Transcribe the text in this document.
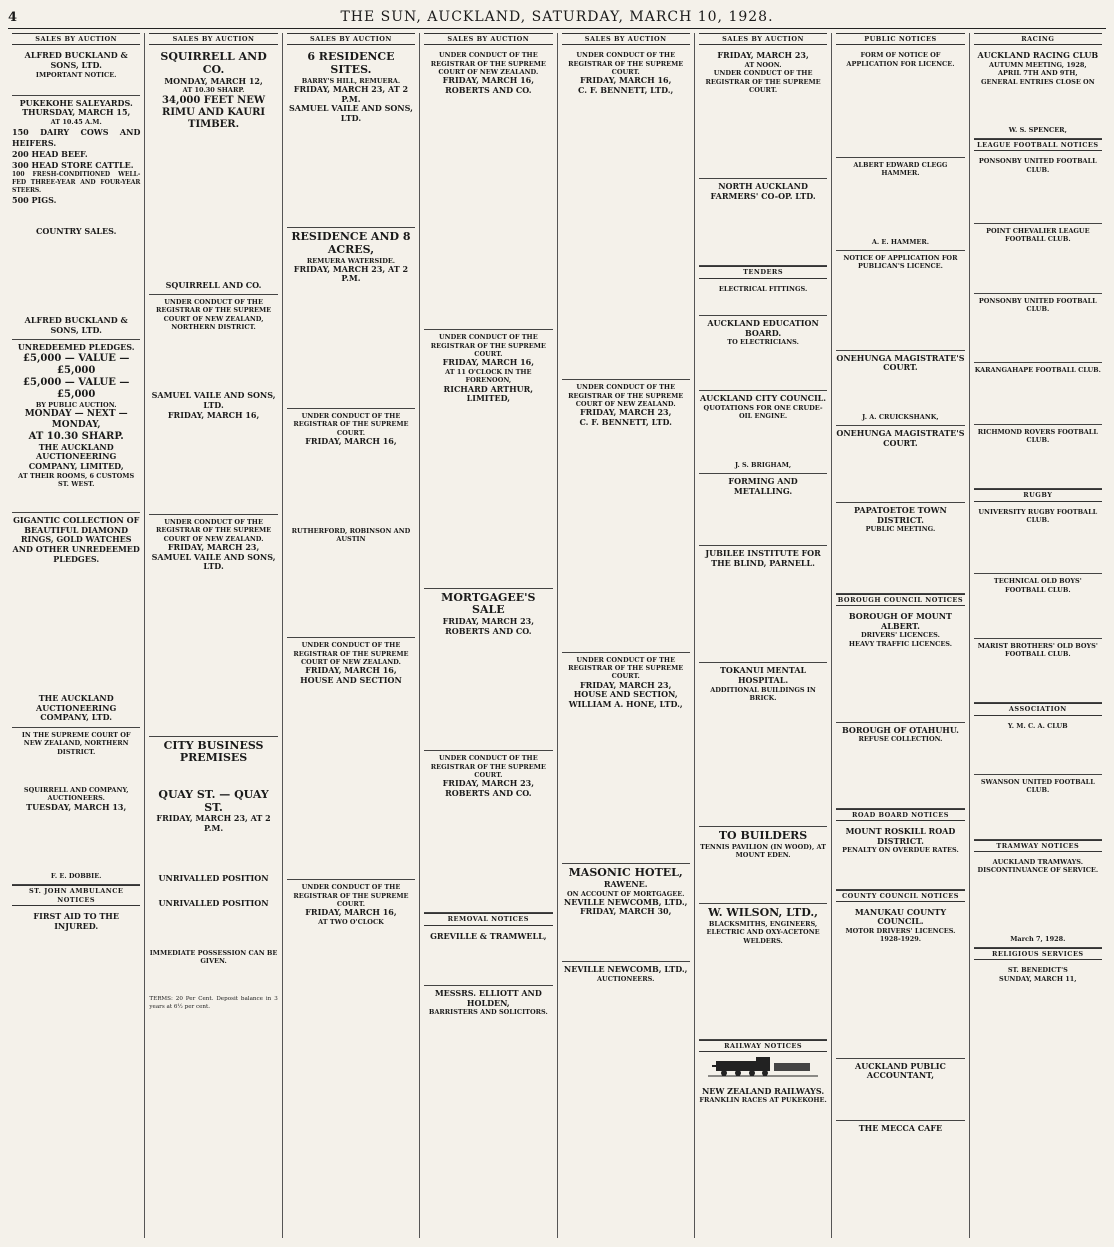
4	THE SUN, AUCKLAND, SATURDAY, MARCH 10, 1928.
SALES BY AUCTION
ALFRED BUCKLAND & SONS, LTD.
IMPORTANT NOTICE.
PUKEKOHE SALEYARDS.
THURSDAY, MARCH 15,
AT 10.45 A.M.

150 DAIRY COWS AND HEIFERS.

200 HEAD BEEF.

300 HEAD STORE CATTLE.

100 FRESH-CONDITIONED WELL-FED THREE-YEAR AND FOUR-YEAR STEERS.

500 PIGS.

COUNTRY SALES.
ALFRED BUCKLAND & SONS, LTD.
UNREDEEMED PLEDGES.
£5,000 — VALUE — £5,000
£5,000 — VALUE — £5,000
BY PUBLIC AUCTION.
MONDAY — NEXT — MONDAY,
AT 10.30 SHARP.
THE AUCKLAND AUCTIONEERING COMPANY, LIMITED,
AT THEIR ROOMS, 6 CUSTOMS ST. WEST.
GIGANTIC COLLECTION OF BEAUTIFUL DIAMOND RINGS, GOLD WATCHES AND OTHER UNREDEEMED PLEDGES.
THE AUCKLAND AUCTIONEERING COMPANY, LTD.
IN THE SUPREME COURT OF NEW ZEALAND, NORTHERN DISTRICT.
SQUIRRELL AND COMPANY, AUCTIONEERS.
TUESDAY, MARCH 13,
F. E. DOBBIE.
ST. JOHN AMBULANCE NOTICES
FIRST AID TO THE INJURED.
SALES BY AUCTION
SQUIRRELL AND CO.
MONDAY, MARCH 12,
AT 10.30 SHARP.
34,000 FEET NEW RIMU AND KAURI TIMBER.
SQUIRRELL AND CO.
UNDER CONDUCT OF THE REGISTRAR OF THE SUPREME COURT OF NEW ZEALAND, NORTHERN DISTRICT.
SAMUEL VAILE AND SONS, LTD.
FRIDAY, MARCH 16,
UNDER CONDUCT OF THE REGISTRAR OF THE SUPREME COURT OF NEW ZEALAND.
FRIDAY, MARCH 23,
SAMUEL VAILE AND SONS, LTD.
CITY BUSINESS PREMISES
QUAY ST. — QUAY ST.
FRIDAY, MARCH 23, AT 2 P.M.
UNRIVALLED POSITION
UNRIVALLED POSITION
IMMEDIATE POSSESSION CAN BE GIVEN.

TERMS: 20 Per Cent. Deposit balance in 3 years at 6½ per cent.

SALES BY AUCTION
6 RESIDENCE SITES.
BARRY'S HILL, REMUERA.
FRIDAY, MARCH 23, AT 2 P.M.
SAMUEL VAILE AND SONS, LTD.
RESIDENCE AND 8 ACRES,
REMUERA WATERSIDE.
FRIDAY, MARCH 23, AT 2 P.M.
UNDER CONDUCT OF THE REGISTRAR OF THE SUPREME COURT.
FRIDAY, MARCH 16,
RUTHERFORD, ROBINSON AND AUSTIN
UNDER CONDUCT OF THE REGISTRAR OF THE SUPREME COURT OF NEW ZEALAND.
FRIDAY, MARCH 16,
HOUSE AND SECTION
UNDER CONDUCT OF THE REGISTRAR OF THE SUPREME COURT.
FRIDAY, MARCH 16,
AT TWO O'CLOCK
SALES BY AUCTION
UNDER CONDUCT OF THE REGISTRAR OF THE SUPREME COURT OF NEW ZEALAND.
FRIDAY, MARCH 16,
ROBERTS AND CO.
UNDER CONDUCT OF THE REGISTRAR OF THE SUPREME COURT.
FRIDAY, MARCH 16,
AT 11 O'CLOCK IN THE FORENOON,
RICHARD ARTHUR, LIMITED,
MORTGAGEE'S SALE
FRIDAY, MARCH 23,
ROBERTS AND CO.
UNDER CONDUCT OF THE REGISTRAR OF THE SUPREME COURT.
FRIDAY, MARCH 23,
ROBERTS AND CO.
REMOVAL NOTICES
GREVILLE & TRAMWELL,
MESSRS. ELLIOTT AND HOLDEN,
BARRISTERS AND SOLICITORS.
SALES BY AUCTION
UNDER CONDUCT OF THE REGISTRAR OF THE SUPREME COURT.
FRIDAY, MARCH 16,
C. F. BENNETT, LTD.,
UNDER CONDUCT OF THE REGISTRAR OF THE SUPREME COURT OF NEW ZEALAND.
FRIDAY, MARCH 23,
C. F. BENNETT, LTD.
UNDER CONDUCT OF THE REGISTRAR OF THE SUPREME COURT.
FRIDAY, MARCH 23,
HOUSE AND SECTION,
WILLIAM A. HONE, LTD.,
MASONIC HOTEL,
RAWENE.
ON ACCOUNT OF MORTGAGEE.
NEVILLE NEWCOMB, LTD.,
FRIDAY, MARCH 30,
NEVILLE NEWCOMB, LTD.,
AUCTIONEERS.
SALES BY AUCTION
FRIDAY, MARCH 23,
AT NOON.
UNDER CONDUCT OF THE REGISTRAR OF THE SUPREME COURT.
NORTH AUCKLAND FARMERS' CO-OP. LTD.
TENDERS
ELECTRICAL FITTINGS.
AUCKLAND EDUCATION BOARD.
TO ELECTRICIANS.
AUCKLAND CITY COUNCIL.
QUOTATIONS FOR ONE CRUDE-OIL ENGINE.
J. S. BRIGHAM,
FORMING AND METALLING.
JUBILEE INSTITUTE FOR THE BLIND, PARNELL.
TOKANUI MENTAL HOSPITAL.
ADDITIONAL BUILDINGS IN BRICK.
TO BUILDERS
TENNIS PAVILION (IN WOOD), AT MOUNT EDEN.
W. WILSON, LTD.,
BLACKSMITHS, ENGINEERS, ELECTRIC AND OXY-ACETONE WELDERS.
RAILWAY NOTICES
NEW ZEALAND RAILWAYS.
FRANKLIN RACES AT PUKEKOHE.
PUBLIC NOTICES
FORM OF NOTICE OF APPLICATION FOR LICENCE.
ALBERT EDWARD CLEGG HAMMER.
A. E. HAMMER.
NOTICE OF APPLICATION FOR PUBLICAN'S LICENCE.
ONEHUNGA MAGISTRATE'S COURT.
J. A. CRUICKSHANK,
ONEHUNGA MAGISTRATE'S COURT.
PAPATOETOE TOWN DISTRICT.
PUBLIC MEETING.
BOROUGH COUNCIL NOTICES
BOROUGH OF MOUNT ALBERT.
DRIVERS' LICENCES.
HEAVY TRAFFIC LICENCES.
BOROUGH OF OTAHUHU.
REFUSE COLLECTION.
ROAD BOARD NOTICES
MOUNT ROSKILL ROAD DISTRICT.
PENALTY ON OVERDUE RATES.
COUNTY COUNCIL NOTICES
MANUKAU COUNTY COUNCIL.
MOTOR DRIVERS' LICENCES.
1928-1929.
AUCKLAND PUBLIC ACCOUNTANT,
THE MECCA CAFE
RACING
AUCKLAND RACING CLUB
AUTUMN MEETING, 1928,
APRIL 7TH AND 9TH,
GENERAL ENTRIES CLOSE ON
W. S. SPENCER,
LEAGUE FOOTBALL NOTICES
PONSONBY UNITED FOOTBALL CLUB.
POINT CHEVALIER LEAGUE FOOTBALL CLUB.
PONSONBY UNITED FOOTBALL CLUB.
KARANGAHAPE FOOTBALL CLUB.
RICHMOND ROVERS FOOTBALL CLUB.
RUGBY
UNIVERSITY RUGBY FOOTBALL CLUB.
TECHNICAL OLD BOYS' FOOTBALL CLUB.
MARIST BROTHERS' OLD BOYS' FOOTBALL CLUB.
ASSOCIATION
Y. M. C. A. CLUB
SWANSON UNITED FOOTBALL CLUB.
TRAMWAY NOTICES
AUCKLAND TRAMWAYS.
DISCONTINUANCE OF SERVICE.
March 7, 1928.
RELIGIOUS SERVICES
ST. BENEDICT'S
SUNDAY, MARCH 11,
